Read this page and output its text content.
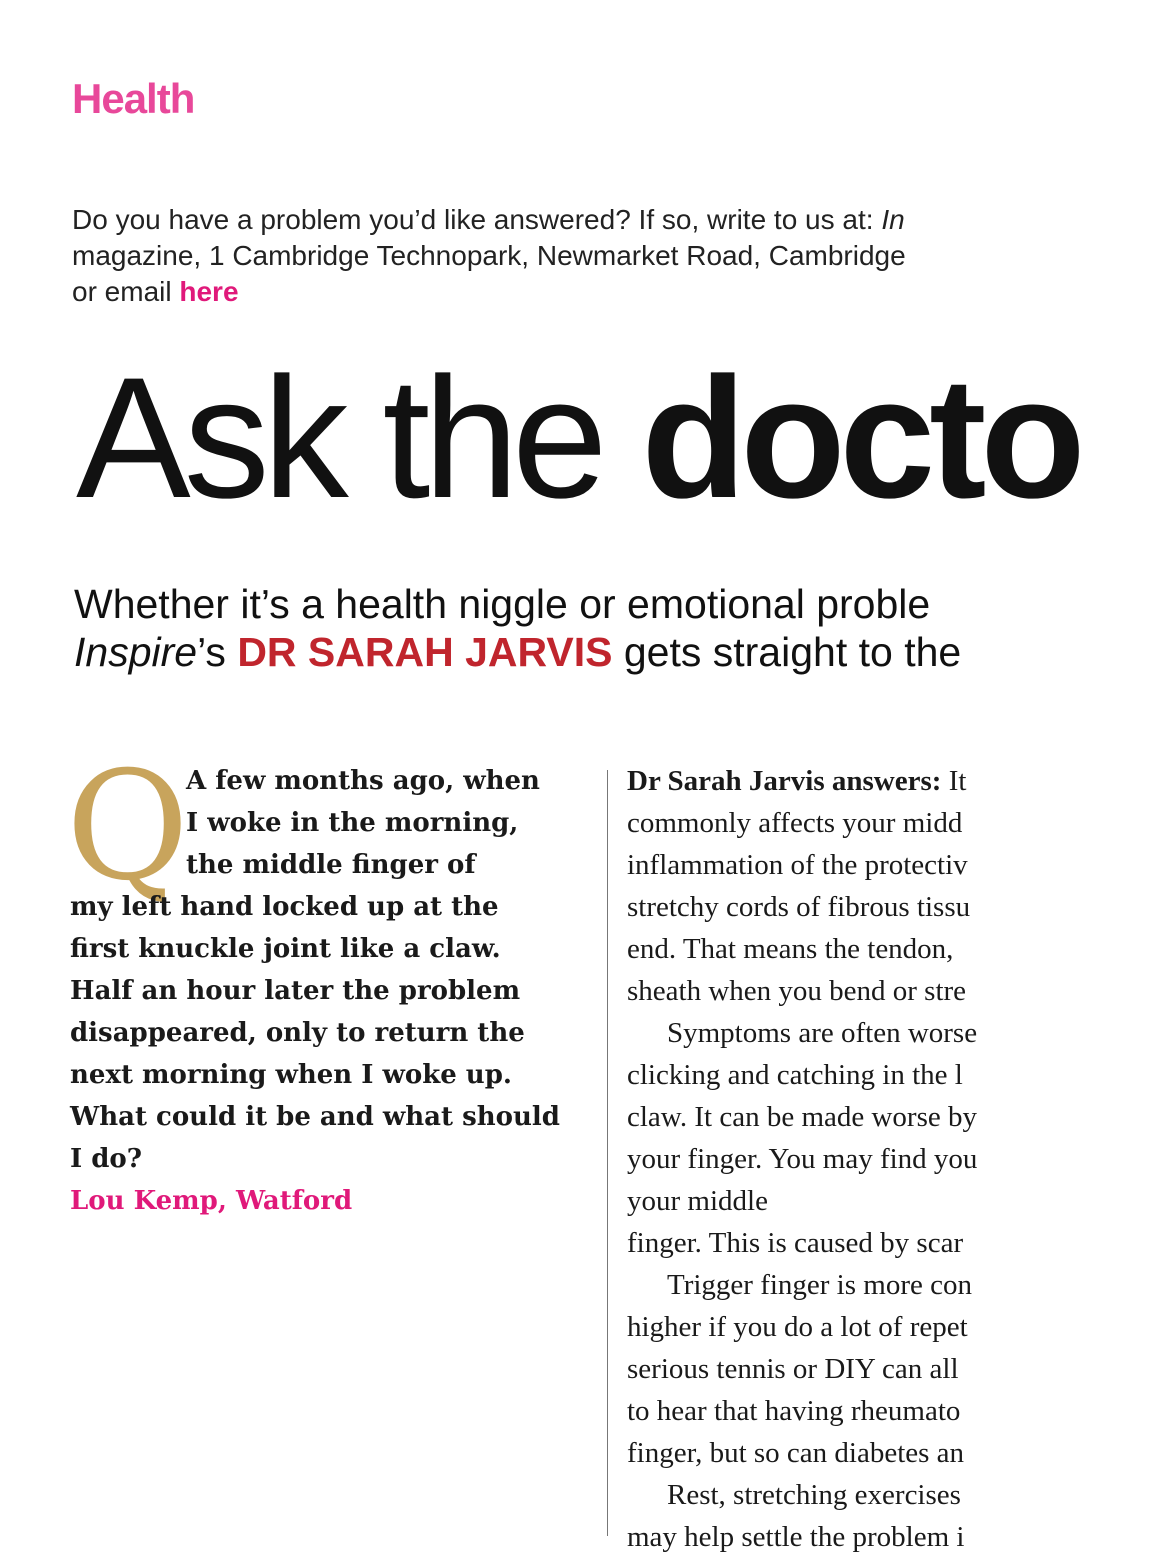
Health
Do you have a problem you’d like answered? If so, write to us at: In
magazine, 1 Cambridge Technopark, Newmarket Road, Cambridge
or email here
Ask the docto
Whether it’s a health niggle or emotional proble
Inspire’s DR SARAH JARVIS gets straight to the
Q
A few months ago, when
I woke in the morning,
the middle finger of
my left hand locked up at the
first knuckle joint like a claw.
Half an hour later the problem
disappeared, only to return the
next morning when I woke up.
What could it be and what should
I do?
Lou Kemp, Watford
Dr Sarah Jarvis answers: It
commonly affects your midd
inflammation of the protectiv
stretchy cords of fibrous tissu
end. That means the tendon,
sheath when you bend or stre
Symptoms are often worse
clicking and catching in the l
claw. It can be made worse by
your finger. You may find you
your middle
finger. This is caused by scar
Trigger finger is more con
higher if you do a lot of repet
serious tennis or DIY can all
to hear that having rheumato
finger, but so can diabetes an
Rest, stretching exercises
may help settle the problem i
